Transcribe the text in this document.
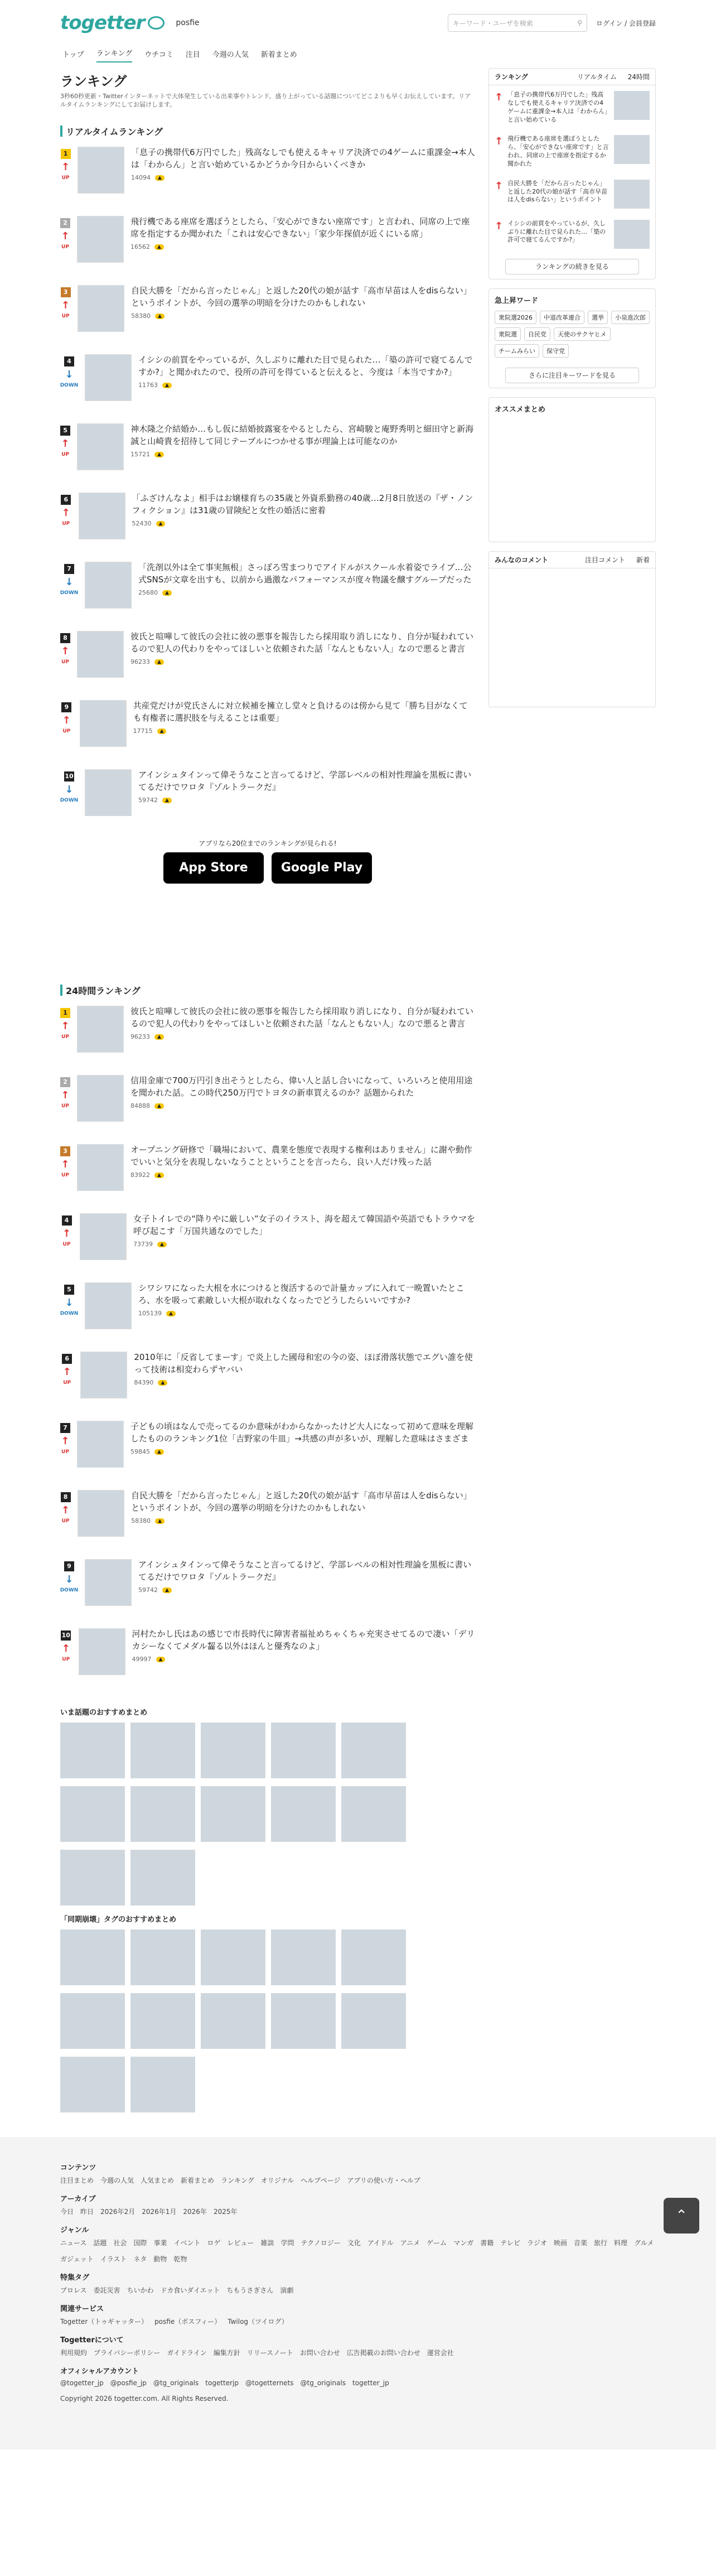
togetter	posfie	キーワード・ユーザを検索	⚲ ログイン / 会員登録
トップ ランキング ウチコミ 注目 今週の人気 新着まとめ
ランキング

3秒60秒更新・Twitterインターネットで大体発生している出来事やトレンド。盛り上がっている話題についてどこよりも早くお伝えしています。リアルタイムランキングにしてお届けします。

リアルタイムランキング
1
↑
UP
「息子の携帯代6万円でした」残高なしでも使えるキャリア決済での4ゲームに重課金→本人は「わからん」と言い始めているかどうか今日からいくべきか
14094	▲
2
↑
UP
飛行機である座席を選ぼうとしたら、「安心ができない座席です」と言われ、同席の上で座席を指定するか聞かれた「これは安心できない」「家少年探偵が近くにいる席」
16562	▲
3
↑
UP
自民大勝を「だから言ったじゃん」と返した20代の娘が話す「高市早苗は人をdisらない」というポイントが、今回の選挙の明暗を分けたのかもしれない
58380	▲
4
↓
DOWN
イシシの前買をやっているが、久しぶりに離れた目で見られた…「築の許可で寝てるんですか?」と聞かれたので、役所の許可を得ていると伝えると、今度は「本当ですか?」
11763	▲
5
↑
UP
神木隆之介結婚か…もし仮に結婚披露宴をやるとしたら、宮崎駿と庵野秀明と細田守と新海誠と山崎貴を招待して同じテーブルにつかせる事が理論上は可能なのか
15721	▲
6
↑
UP
「ふざけんなよ」相手はお嬢様育ちの35歳と外資系勤務の40歳…2月8日放送の『ザ・ノンフィクション』は31歳の冒険紀と女性の婚活に密着
52430	▲
7
↓
DOWN
「洗剤以外は全て事実無根」さっぽろ雪まつりでアイドルがスクール水着姿でライブ…公式SNSが文章を出すも、以前から過激なパフォーマンスが度々物議を醸すグループだった
25680	▲
8
↑
UP
彼氏と喧嘩して彼氏の会社に彼の悪事を報告したら採用取り消しになり、自分が疑われているので犯人の代わりをやってほしいと依頼された話「なんともない人」なので悪ると書言
96233	▲
9
↑
UP
共産党だけが党氏さんに対立候補を擁立し堂々と負けるのは傍から見て「勝ち目がなくても有権者に選択肢を与えることは重要」
17715	▲
10
↓
DOWN
アインシュタインって偉そうなこと言ってるけど、学部レベルの相対性理論を黒板に書いてるだけでワロタ『ゾルトラークだ』
59742	▲
アプリなら20位までのランキングが見られる!
App Store	Google Play
24時間ランキング
1
↑
UP
彼氏と喧嘩して彼氏の会社に彼の悪事を報告したら採用取り消しになり、自分が疑われているので犯人の代わりをやってほしいと依頼された話「なんともない人」なので悪ると書言
96233	▲
2
↑
UP
信用金庫で700万円引き出そうとしたら、偉い人と話し合いになって、いろいろと使用用途を聞かれた話。この時代250万円でトヨタの新車買えるのか？話題かられた
84888	▲
3
↑
UP
オープニング研修で「職場において、農業を態度で表現する権利はありません」に謝や動作でいいと気分を表現しないなうことということを言ったら、良い人だけ残った話
83922	▲
4
↑
UP
女子トイレでの“降りやに厳しい”女子のイラスト、海を超えて韓国語や英語でもトラウマを呼び起こす「万国共通なのでした」
73739	▲
5
↓
DOWN
シワシワになった大根を水につけると復活するので計量カップに入れて一晩置いたところ、水を吸って素敵しい大根が取れなくなったでどうしたらいいですか?
105139	▲
6
↑
UP
2010年に「反省してまーす」で炎上した國母和宏の今の姿、ほぼ滑落状態でエグい誰を使って技術は相変わらずヤバい
84390	▲
7
↑
UP
子どもの頃はなんで売ってるのか意味がわからなかったけど大人になって初めて意味を理解したもののランキング1位「吉野家の牛皿」→共感の声が多いが、理解した意味はさまざま
59845	▲
8
↑
UP
自民大勝を「だから言ったじゃん」と返した20代の娘が話す「高市早苗は人をdisらない」というポイントが、今回の選挙の明暗を分けたのかもしれない
58380	▲
9
↓
DOWN
アインシュタインって偉そうなこと言ってるけど、学部レベルの相対性理論を黒板に書いてるだけでワロタ『ゾルトラークだ』
59742	▲
10
↑
UP
河村たかし氏はあの感じで市長時代に障害者福祉めちゃくちゃ充実させてるので凄い「デリカシーなくてメダル齧る以外はほんと優秀なのよ」
49997	▲
ランキング	リアルタイム	24時間
↑ 「息子の携帯代6万円でした」残高なしでも使えるキャリア決済での4ゲームに重課金→本人は「わからん」と言い始めている
↑ 飛行機である座席を選ぼうとしたら、「安心ができない座席です」と言われ、同席の上で座席を指定するか聞かれた
↑ 自民大勝を「だから言ったじゃん」と返した20代の娘が話す「高市早苗は人をdisらない」というポイント
↑ イシシの前買をやっているが、久しぶりに離れた目で見られた…「築の許可で寝てるんですか?」
ランキングの続きを見る
急上昇ワード
衆院選2026	中道改革連合	選挙	小泉進次郎
衆院選	自民党	天使のサクヤヒメ
チームみらい	保守党
さらに注目キーワードを見る
オススメまとめ
みんなのコメント	注目コメント	新着
いま話題のおすすめまとめ
「同期崩壊」タグのおすすめまとめ
コンテンツ
注目まとめ 今週の人気 人気まとめ 新着まとめ ランキング オリジナル ヘルプページ アプリの使い方・ヘルプ
アーカイブ
今日 昨日 2026年2月 2026年1月 2026年 2025年
ジャンル
ニュース 話題 社会 国際 事業 イベント ロゲ レビュー 雑談 学問 テクノロジー 文化 アイドル アニメ ゲーム マンガ 書籍 テレビ ラジオ 映画 音楽 旅行 料理 グルメ
ガジェット イラスト ネタ 動物 乾物
特集タグ
プロレス 委託災害 ちいかわ ドカ食いダイエット ちもうさぎさん 演劇
関連サービス
Togetter（トゥギャッター） posfie（ポスフィー） Twilog（ツイログ）
Togetterについて
利用規約 プライバシーポリシー ガイドライン 編集方針 リリースノート お問い合わせ 広告掲載のお問い合わせ 運営会社
オフィシャルアカウント
@togetter_jp @posfie_jp @tg_originals togetterjp @togetternets @tg_originals togetter_jp

Copyright 2026 togetter.com. All Rights Reserved.

⌃
